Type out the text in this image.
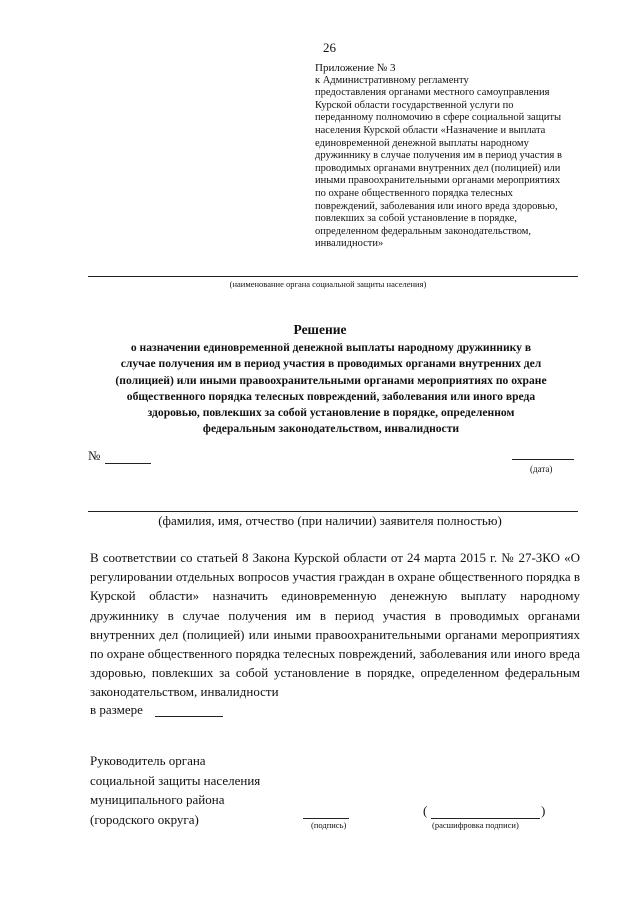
26
Приложение № 3
к Административному регламенту
предоставления органами местного самоуправления
Курской области государственной услуги по
переданному полномочию в сфере социальной защиты
населения Курской области «Назначение и выплата
единовременной денежной выплаты народному
дружиннику в случае получения им в период участия в
проводимых органами внутренних дел (полицией) или
иными правоохранительными органами мероприятиях
по охране общественного порядка телесных
повреждений, заболевания или иного вреда здоровью,
повлекших за собой установление в порядке,
определенном федеральным законодательством,
инвалидности»
(наименование органа социальной защиты населения)
Решение
о назначении единовременной денежной выплаты народному дружиннику в
случае получения им в период участия в проводимых органами внутренних дел
(полицией) или иными правоохранительными органами мероприятиях по охране
общественного порядка телесных повреждений, заболевания или иного вреда
здоровью, повлекших за собой установление в порядке, определенном
федеральным законодательством, инвалидности
№
(дата)
(фамилия, имя, отчество (при наличии) заявителя полностью)
В соответствии со статьей 8 Закона Курской области от 24 марта 2015 г. № 27-ЗКО «О регулировании отдельных вопросов участия граждан в охране общественного порядка в Курской области» назначить единовременную денежную выплату народному дружиннику в случае получения им в период участия в проводимых органами внутренних дел (полицией) или иными правоохранительными органами мероприятиях по охране общественного порядка телесных повреждений, заболевания или иного вреда здоровью, повлекших за собой установление в порядке, определенном федеральным законодательством, инвалидности
в размере
Руководитель органа
социальной защиты населения
муниципального района
(городского округа)	(подпись)
(	)
(расшифровка подписи)
